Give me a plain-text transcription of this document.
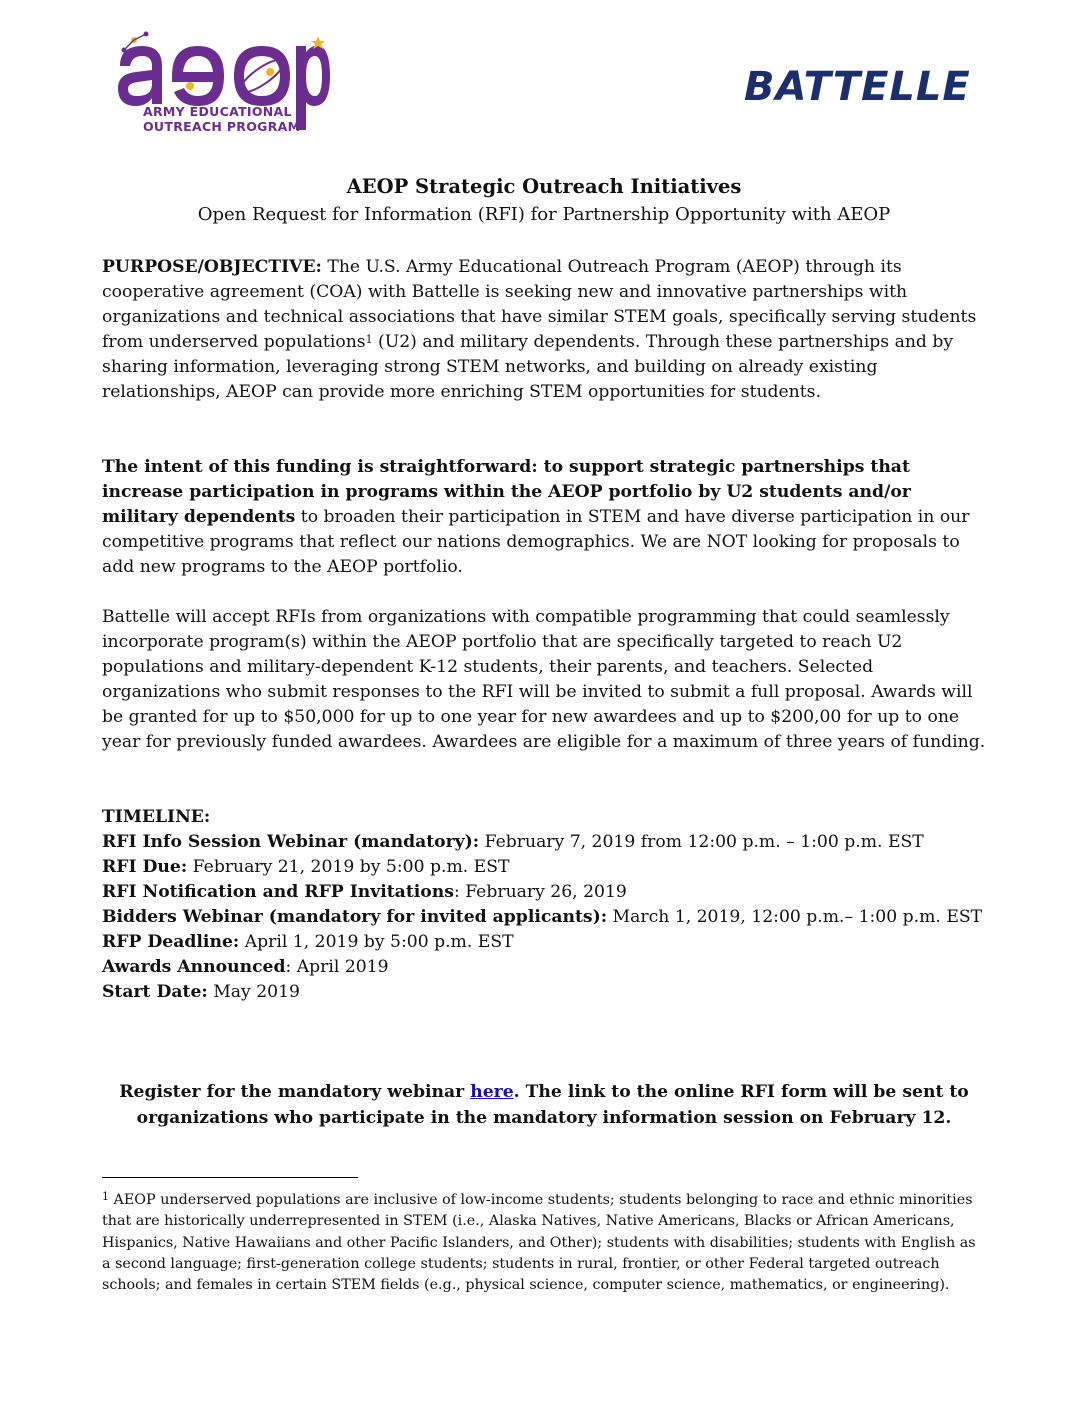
ARMY EDUCATIONAL
OUTREACH PROGRAM
BATTELLE
AEOP Strategic Outreach Initiatives
Open Request for Information (RFI) for Partnership Opportunity with AEOP
PURPOSE/OBJECTIVE: The U.S. Army Educational Outreach Program (AEOP) through its cooperative agreement (COA) with Battelle is seeking new and innovative partnerships with organizations and technical associations that have similar STEM goals, specifically serving students from underserved populations$^1$ (U2) and military dependents. Through these partnerships and by sharing information, leveraging strong STEM networks, and building on already existing relationships, AEOP can provide more enriching STEM opportunities for students.
The intent of this funding is straightforward: to support strategic partnerships that increase participation in programs within the AEOP portfolio by U2 students and/or military dependents to broaden their participation in STEM and have diverse participation in our competitive programs that reflect our nations demographics. We are NOT looking for proposals to add new programs to the AEOP portfolio.
Battelle will accept RFIs from organizations with compatible programming that could seamlessly incorporate program(s) within the AEOP portfolio that are specifically targeted to reach U2 populations and military-dependent K-12 students, their parents, and teachers. Selected organizations who submit responses to the RFI will be invited to submit a full proposal. Awards will be granted for up to $50,000 for up to one year for new awardees and up to $200,00 for up to one year for previously funded awardees. Awardees are eligible for a maximum of three years of funding.
TIMELINE:
RFI Info Session Webinar (mandatory): February 7, 2019 from 12:00 p.m. – 1:00 p.m. EST
RFI Due: February 21, 2019 by 5:00 p.m. EST
RFI Notification and RFP Invitations: February 26, 2019
Bidders Webinar (mandatory for invited applicants): March 1, 2019, 12:00 p.m.– 1:00 p.m. EST
RFP Deadline: April 1, 2019 by 5:00 p.m. EST
Awards Announced: April 2019
Start Date: May 2019
Register for the mandatory webinar here. The link to the online RFI form will be sent to organizations who participate in the mandatory information session on February 12.
$^1$ AEOP underserved populations are inclusive of low‐income students; students belonging to race and ethnic minorities that are historically underrepresented in STEM (i.e., Alaska Natives, Native Americans, Blacks or African Americans, Hispanics, Native Hawaiians and other Pacific Islanders, and Other); students with disabilities; students with English as a second language; first‐generation college students; students in rural, frontier, or other Federal targeted outreach schools; and females in certain STEM fields (e.g., physical science, computer science, mathematics, or engineering).
